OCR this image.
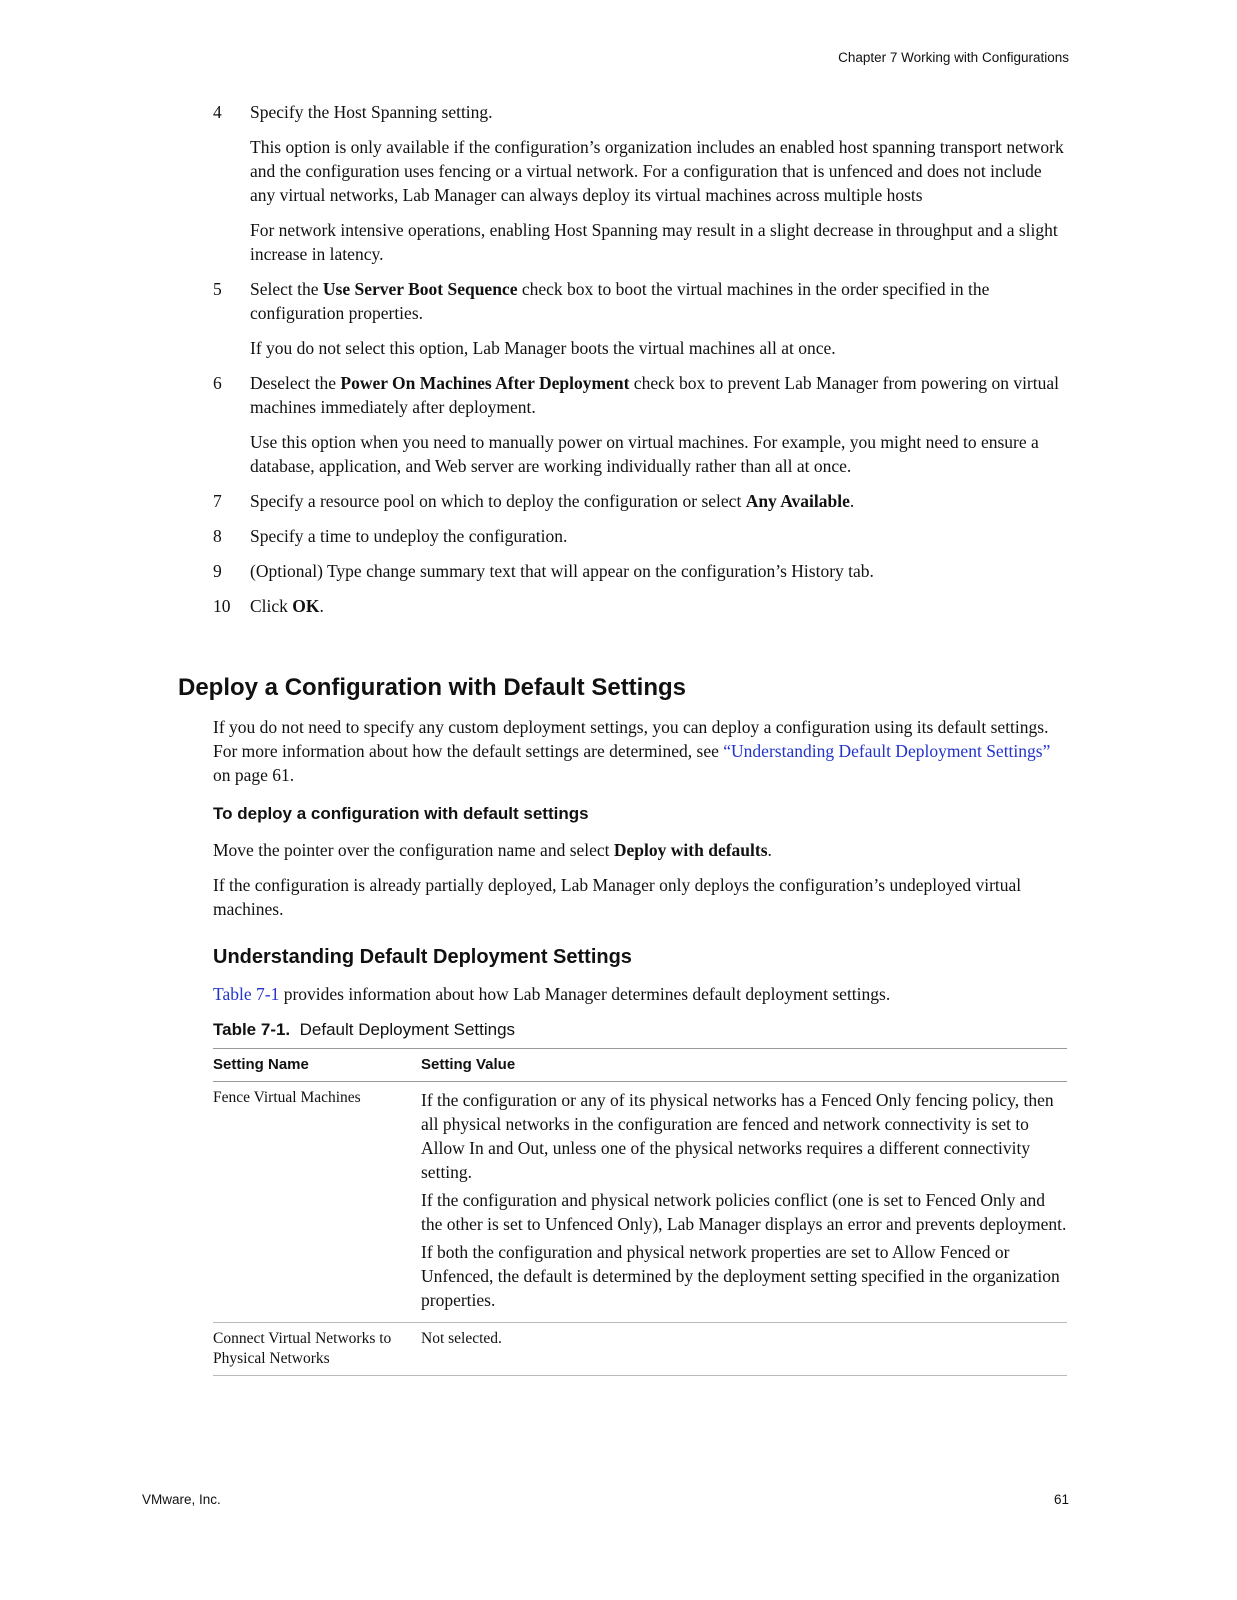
Chapter 7 Working with Configurations
4 Specify the Host Spanning setting.

This option is only available if the configuration’s organization includes an enabled host spanning transport network and the configuration uses fencing or a virtual network. For a configuration that is unfenced and does not include any virtual networks, Lab Manager can always deploy its virtual machines across multiple hosts

For network intensive operations, enabling Host Spanning may result in a slight decrease in throughput and a slight increase in latency.

5 Select the Use Server Boot Sequence check box to boot the virtual machines in the order specified in the configuration properties.

If you do not select this option, Lab Manager boots the virtual machines all at once.

6 Deselect the Power On Machines After Deployment check box to prevent Lab Manager from powering on virtual machines immediately after deployment.

Use this option when you need to manually power on virtual machines. For example, you might need to ensure a database, application, and Web server are working individually rather than all at once.

7 Specify a resource pool on which to deploy the configuration or select Any Available.

8 Specify a time to undeploy the configuration.

9 (Optional) Type change summary text that will appear on the configuration’s History tab.

10 Click OK.

Deploy a Configuration with Default Settings

If you do not need to specify any custom deployment settings, you can deploy a configuration using its default settings. For more information about how the default settings are determined, see “Understanding Default Deployment Settings” on page 61.

To deploy a configuration with default settings

Move the pointer over the configuration name and select Deploy with defaults.

If the configuration is already partially deployed, Lab Manager only deploys the configuration’s undeployed virtual machines.

Understanding Default Deployment Settings

Table 7-1 provides information about how Lab Manager determines default deployment settings.

Table 7-1. Default Deployment Settings
Setting Name	Setting Value
Fence Virtual Machines	If the configuration or any of its physical networks has a Fenced Only fencing policy, then all physical networks in the configuration are fenced and network connectivity is set to Allow In and Out, unless one of the physical networks requires a different connectivity setting.

If the configuration and physical network policies conflict (one is set to Fenced Only and the other is set to Unfenced Only), Lab Manager displays an error and prevents deployment.

If both the configuration and physical network properties are set to Allow Fenced or Unfenced, the default is determined by the deployment setting specified in the organization properties.

Connect Virtual Networks to Physical Networks	Not selected.
VMware, Inc.	61
